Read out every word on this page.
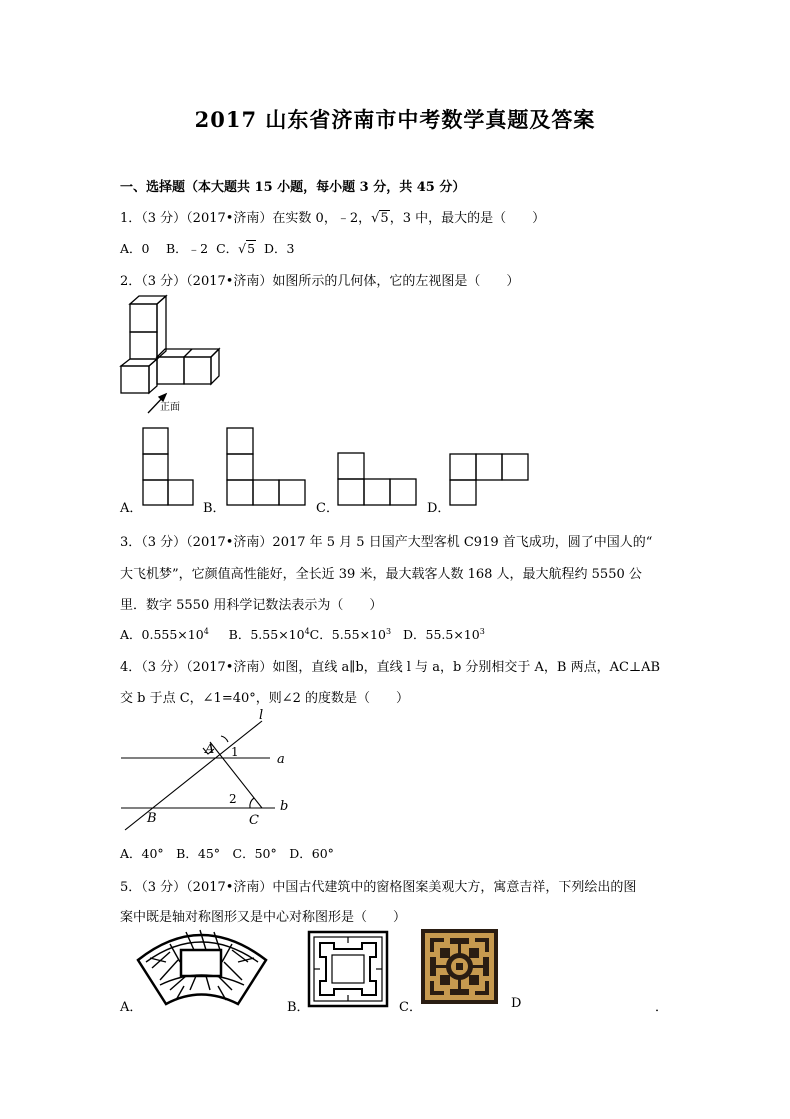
2017 山东省济南市中考数学真题及答案
一、选择题（本大题共 15 小题，每小题 3 分，共 45 分）
1．（3 分）（2017•济南）在实数 0，﹣2，√5，3 中，最大的是（　　）
A．0　 B．﹣2 C．√5 D．3
2．（3 分）（2017•济南）如图所示的几何体，它的左视图是（　　）
正面
A．	B．	C．	D．
3．（3 分）（2017•济南）2017 年 5 月 5 日国产大型客机 C919 首飞成功，圆了中国人的“
大飞机梦”，它颜值高性能好，全长近 39 米，最大载客人数 168 人，最大航程约 5550 公
里．数字 5550 用科学记数法表示为（　　）
A．$0.555\times 10^4$ B．$5.55\times 10^4C$．$5.55\times 10^3$ D．$55.5\times 10^3$
4．（3 分）（2017•济南）如图，直线 a∥b，直线 l 与 a，b 分别相交于 A，B 两点，AC⊥AB
交 b 于点 C，∠1=40°，则∠2 的度数是（　　）
l
a
b
A
B	C
1
2
A．40°　B．45°　C．50°　D．60°
5．（3 分）（2017•济南）中国古代建筑中的窗格图案美观大方，寓意吉祥，下列绘出的图
案中既是轴对称图形又是中心对称图形是（　　）
A．	B．	C．	D	．
